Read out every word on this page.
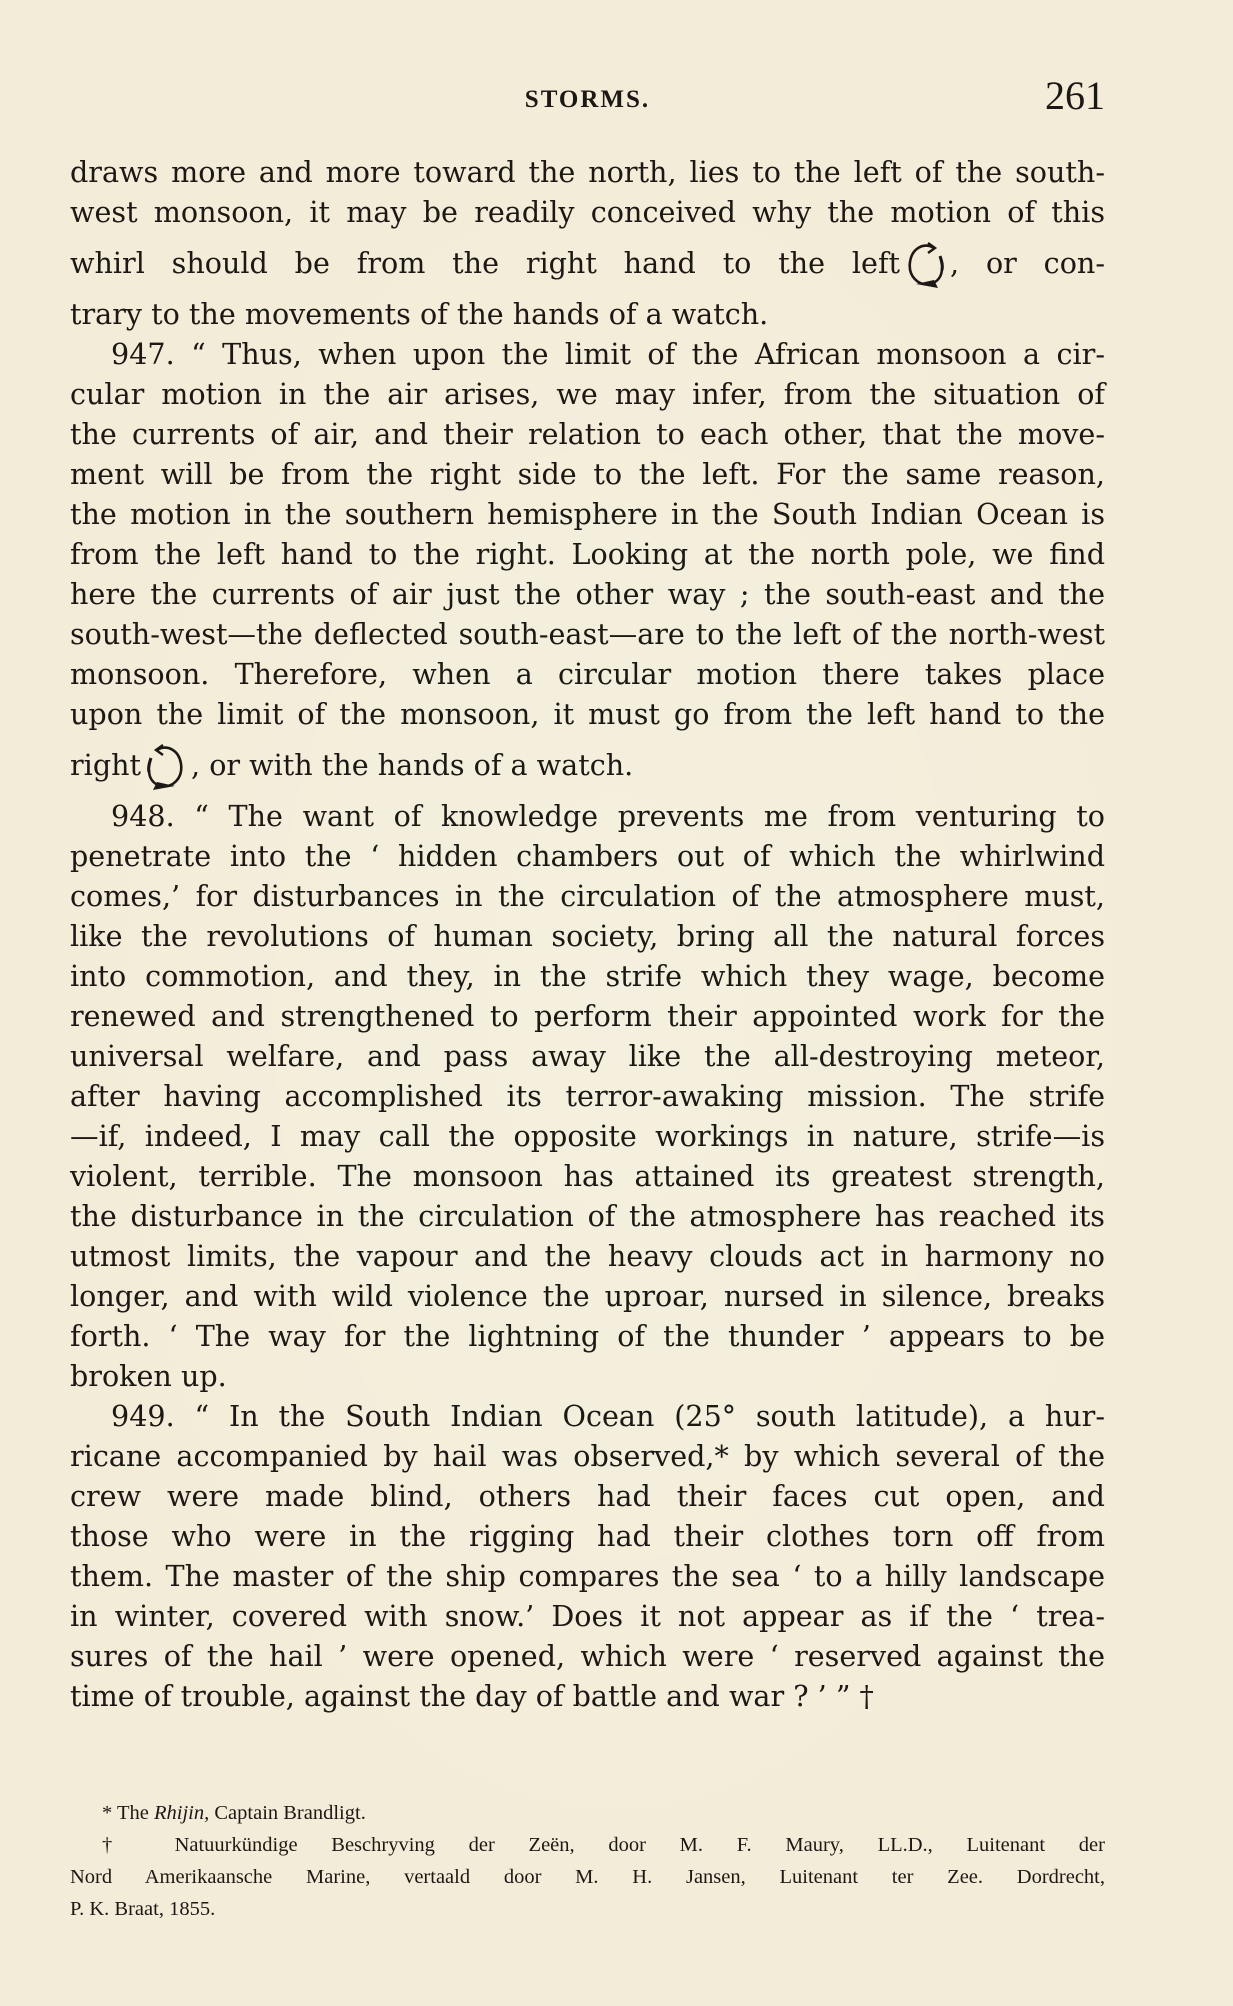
STORMS.	261
draws more and more toward the north, lies to the left of the south-
west monsoon, it may be readily conceived why the motion of this
whirl should be from the right hand to the left , or con-
trary to the movements of the hands of a watch.
947. “ Thus, when upon the limit of the African monsoon a cir-
cular motion in the air arises, we may infer, from the situation of
the currents of air, and their relation to each other, that the move-
ment will be from the right side to the left. For the same reason,
the motion in the southern hemisphere in the South Indian Ocean is
from the left hand to the right. Looking at the north pole, we find
here the currents of air just the other way ; the south-east and the
south-west—the deflected south-east—are to the left of the north-west
monsoon. Therefore, when a circular motion there takes place
upon the limit of the monsoon, it must go from the left hand to the
right , or with the hands of a watch.
948. “ The want of knowledge prevents me from venturing to
penetrate into the ‘ hidden chambers out of which the whirlwind
comes,’ for disturbances in the circulation of the atmosphere must,
like the revolutions of human society, bring all the natural forces
into commotion, and they, in the strife which they wage, become
renewed and strengthened to perform their appointed work for the
universal welfare, and pass away like the all-destroying meteor,
after having accomplished its terror-awaking mission. The strife
—if, indeed, I may call the opposite workings in nature, strife—is
violent, terrible. The monsoon has attained its greatest strength,
the disturbance in the circulation of the atmosphere has reached its
utmost limits, the vapour and the heavy clouds act in harmony no
longer, and with wild violence the uproar, nursed in silence, breaks
forth. ‘ The way for the lightning of the thunder ’ appears to be
broken up.
949. “ In the South Indian Ocean (25° south latitude), a hur-
ricane accompanied by hail was observed,* by which several of the
crew were made blind, others had their faces cut open, and
those who were in the rigging had their clothes torn off from
them. The master of the ship compares the sea ‘ to a hilly landscape
in winter, covered with snow.’ Does it not appear as if the ‘ trea-
sures of the hail ’ were opened, which were ‘ reserved against the
time of trouble, against the day of battle and war ? ’ ” †
* The Rhijin, Captain Brandligt.
† Natuurkündige Beschryving der Zeën, door M. F. Maury, LL.D., Luitenant der
Nord Amerikaansche Marine, vertaald door M. H. Jansen, Luitenant ter Zee. Dordrecht,
P. K. Braat, 1855.
